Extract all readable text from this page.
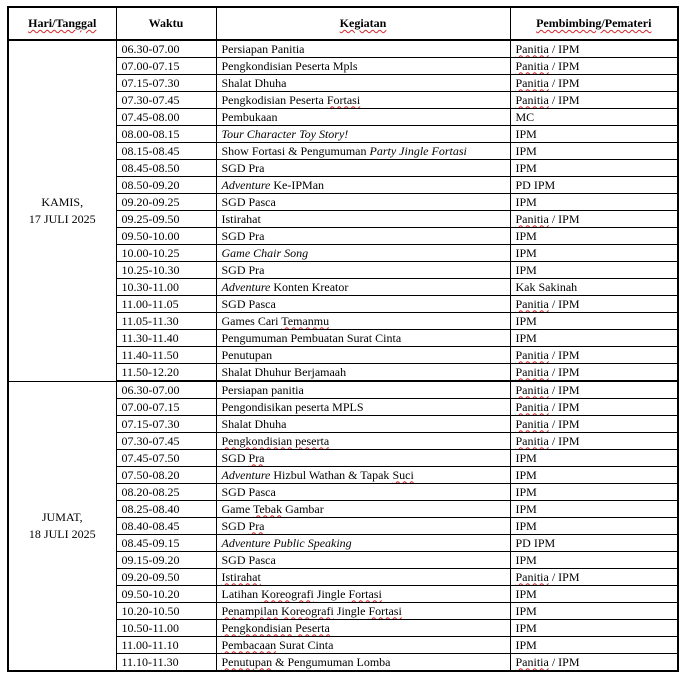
Hari/Tanggal	Waktu	Kegiatan	Pembimbing/Pemateri

KAMIS,
17 JULI 2025	06.30-07.00	Persiapan Panitia	Panitia / IPM
	07.00-07.15	Pengkondisian Peserta Mpls	Panitia / IPM
	07.15-07.30	Shalat Dhuha	Panitia / IPM
	07.30-07.45	Pengkodisian Peserta Fortasi	Panitia / IPM
	07.45-08.00	Pembukaan	MC
	08.00-08.15	Tour Character Toy Story!	IPM
	08.15-08.45	Show Fortasi & Pengumuman Party Jingle Fortasi	IPM
	08.45-08.50	SGD Pra	IPM
	08.50-09.20	Adventure Ke-IPMan	PD IPM
	09.20-09.25	SGD Pasca	IPM
	09.25-09.50	Istirahat	Panitia / IPM
	09.50-10.00	SGD Pra	IPM
	10.00-10.25	Game Chair Song	IPM
	10.25-10.30	SGD Pra	IPM
	10.30-11.00	Adventure Konten Kreator	Kak Sakinah
	11.00-11.05	SGD Pasca	Panitia / IPM
	11.05-11.30	Games Cari Temanmu	IPM
	11.30-11.40	Pengumuman Pembuatan Surat Cinta	IPM
	11.40-11.50	Penutupan	Panitia / IPM
	11.50-12.20	Shalat Dhuhur Berjamaah	Panitia / IPM

JUMAT,
18 JULI 2025	06.30-07.00	Persiapan panitia	Panitia / IPM
	07.00-07.15	Pengondisikan peserta MPLS	Panitia / IPM
	07.15-07.30	Shalat Dhuha	Panitia / IPM
	07.30-07.45	Pengkondisian peserta	Panitia / IPM
	07.45-07.50	SGD Pra	IPM
	07.50-08.20	Adventure Hizbul Wathan & Tapak Suci	IPM
	08.20-08.25	SGD Pasca	IPM
	08.25-08.40	Game Tebak Gambar	IPM
	08.40-08.45	SGD Pra	IPM
	08.45-09.15	Adventure Public Speaking	PD IPM
	09.15-09.20	SGD Pasca	IPM
	09.20-09.50	Istirahat	Panitia / IPM
	09.50-10.20	Latihan Koreografi Jingle Fortasi	IPM
	10.20-10.50	Penampilan Koreografi Jingle Fortasi	IPM
	10.50-11.00	Pengkondisian Peserta	IPM
	11.00-11.10	Pembacaan Surat Cinta	IPM
	11.10-11.30	Penutupan & Pengumuman Lomba	Panitia / IPM
